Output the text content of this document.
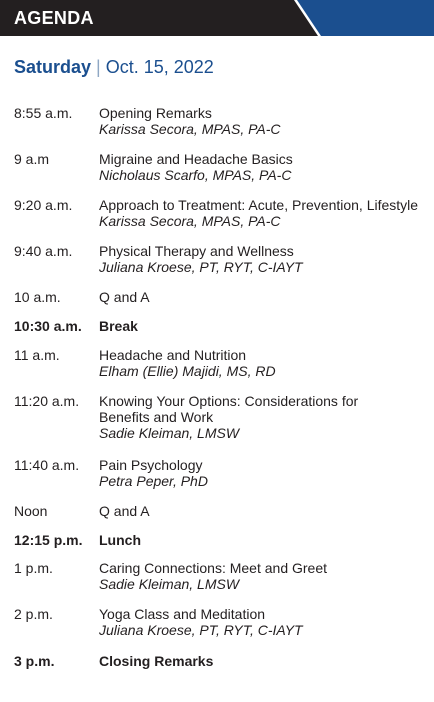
AGENDA
Saturday | Oct. 15, 2022
8:55 a.m.	Opening Remarks
Karissa Secora, MPAS, PA-C
9 a.m	Migraine and Headache Basics
Nicholaus Scarfo, MPAS, PA-C
9:20 a.m.	Approach to Treatment: Acute, Prevention, Lifestyle
Karissa Secora, MPAS, PA-C
9:40 a.m.	Physical Therapy and Wellness
Juliana Kroese, PT, RYT, C-IAYT
10 a.m.	Q and A
10:30 a.m.	Break
11 a.m.	Headache and Nutrition
Elham (Ellie) Majidi, MS, RD
11:20 a.m.	Knowing Your Options: Considerations for Benefits and Work
Sadie Kleiman, LMSW
11:40 a.m.	Pain Psychology
Petra Peper, PhD
Noon	Q and A
12:15 p.m.	Lunch
1 p.m.	Caring Connections: Meet and Greet
Sadie Kleiman, LMSW
2 p.m.	Yoga Class and Meditation
Juliana Kroese, PT, RYT, C-IAYT
3 p.m.	Closing Remarks
